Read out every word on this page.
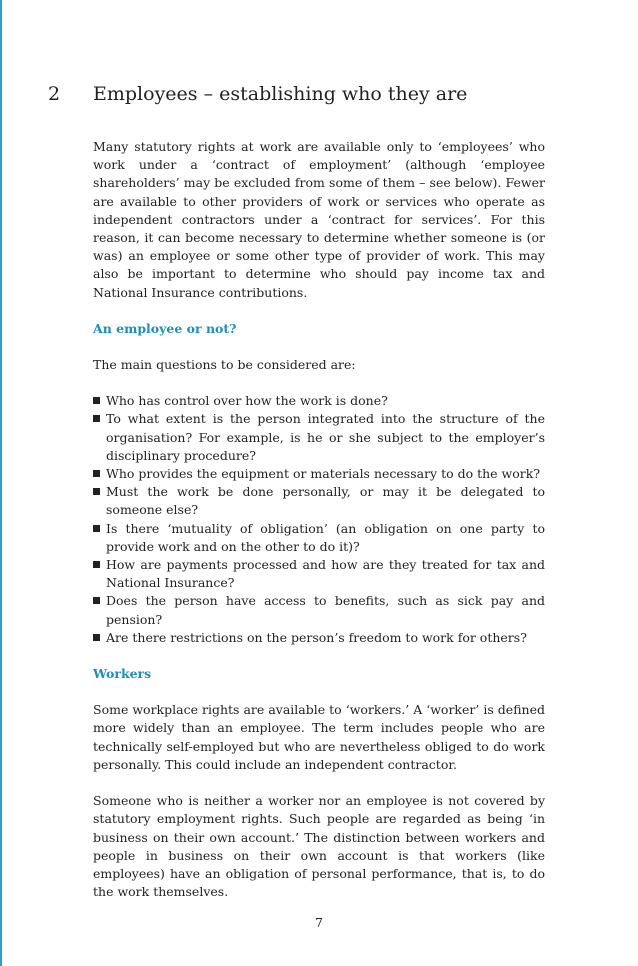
2 Employees – establishing who they are

Many statutory rights at work are available only to ‘employees’ who work under a ‘contract of employment’ (although ‘employee shareholders’ may be excluded from some of them – see below). Fewer are available to other providers of work or services who operate as independent contractors under a ‘contract for services’. For this reason, it can become necessary to determine whether someone is (or was) an employee or some other type of provider of work. This may also be important to determine who should pay income tax and National Insurance contributions.

An employee or not?

The main questions to be considered are:

Who has control over how the work is done?
To what extent is the person integrated into the structure of the organisation? For example, is he or she subject to the employer’s disciplinary procedure?
Who provides the equipment or materials necessary to do the work?
Must the work be done personally, or may it be delegated to someone else?
Is there ‘mutuality of obligation’ (an obligation on one party to provide work and on the other to do it)?
How are payments processed and how are they treated for tax and National Insurance?
Does the person have access to benefits, such as sick pay and pension?
Are there restrictions on the person’s freedom to work for others?
Workers

Some workplace rights are available to ‘workers.’ A ‘worker’ is defined more widely than an employee. The term includes people who are technically self-employed but who are nevertheless obliged to do work personally. This could include an independent contractor.

Someone who is neither a worker nor an employee is not covered by statutory employment rights. Such people are regarded as being ‘in business on their own account.’ The distinction between workers and people in business on their own account is that workers (like employees) have an obligation of personal performance, that is, to do the work themselves.

7
